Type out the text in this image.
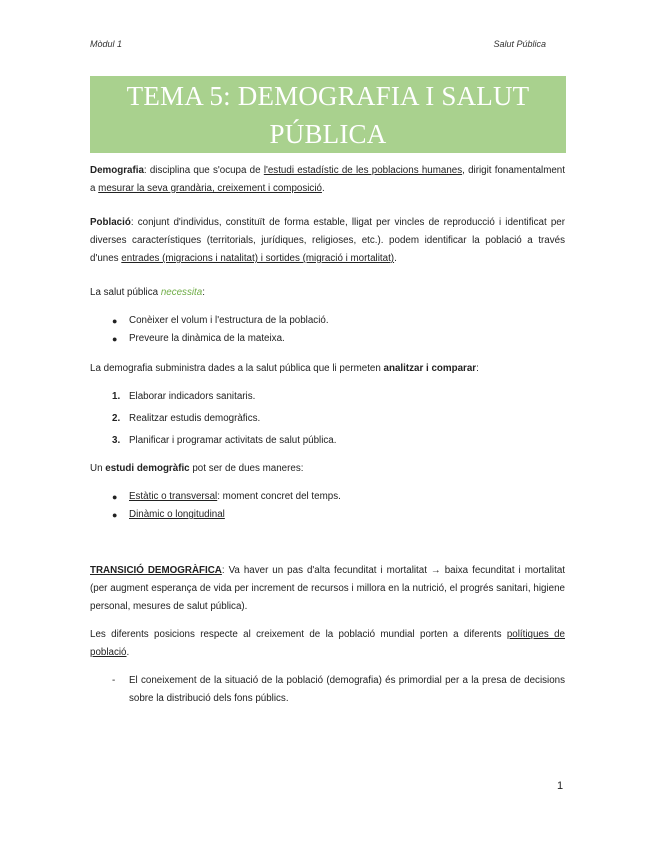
Mòdul 1	Salut Pública
TEMA 5: DEMOGRAFIA I SALUT PÚBLICA

Demografia: disciplina que s'ocupa de l'estudi estadístic de les poblacions humanes, dirigit fonamentalment a mesurar la seva grandària, creixement i composició.

Població: conjunt d'individus, constituït de forma estable, lligat per vincles de reproducció i identificat per diverses característiques (territorials, jurídiques, religioses, etc.). podem identificar la població a través d'unes entrades (migracions i natalitat) i sortides (migració i mortalitat).

La salut pública necessita:

● Conèixer el volum i l'estructura de la població.
● Preveure la dinàmica de la mateixa.

La demografia subministra dades a la salut pública que li permeten analitzar i comparar:

1. Elaborar indicadors sanitaris.
2. Realitzar estudis demogràfics.
3. Planificar i programar activitats de salut pública.

Un estudi demogràfic pot ser de dues maneres:

● Estàtic o transversal: moment concret del temps.
● Dinàmic o longitudinal

TRANSICIÓ DEMOGRÀFICA: Va haver un pas d'alta fecunditat i mortalitat → baixa fecunditat i mortalitat (per augment esperança de vida per increment de recursos i millora en la nutrició, el progrés sanitari, higiene personal, mesures de salut pública).

Les diferents posicions respecte al creixement de la població mundial porten a diferents polítiques de població.

- El coneixement de la situació de la població (demografia) és primordial per a la presa de decisions sobre la distribució dels fons públics.
1
